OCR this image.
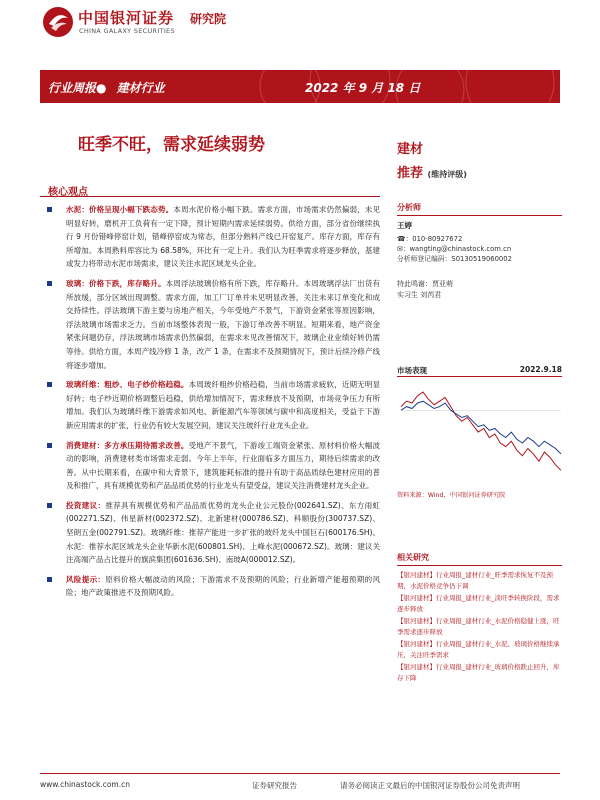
中国银河证券
CHINA GALAXY SECURITIES
研究院
行业周报● 建材行业	2022 年 9 月 18 日
旺季不旺，需求延续弱势	建材
推荐 (维持评级)
核心观点
水泥：价格呈现小幅下跌态势。本周水泥价格小幅下跌。需求方面，市场需求仍然偏弱，未见明显好转，磨机开工负荷有一定下降，预计短期内需求延续弱势。供给方面，部分省份继续执行 9 月份错峰停窑计划，错峰停窑成为常态，但部分熟料产线已开窑复产。库存方面，库存有所增加。本周熟料库容比为 68.58%，环比有一定上升。我们认为旺季需求将逐步释放，基建或发力将带动水泥市场需求，建议关注水泥区域龙头企业。
玻璃：价格下跌，库存略升。本周浮法玻璃价格有所下跌，库存略升。本周玻璃浮法厂出货有所放缓，部分区域出现调整。需求方面，加工厂订单并未见明显改善，关注未来订单变化和成交持续性。浮法玻璃下游主要与房地产相关，今年受地产不景气，下游资金紧张等原因影响，浮法玻璃市场需求乏力。当前市场整体表现一般，下游订单改善不明显。短期来看，地产资金紧张问题仍存，浮法玻璃市场需求仍然偏弱，在需求未见改善情况下，玻璃企业业绩好转仍需等待。供给方面，本周产线冷修 1 条，改产 1 条，在需求不及预期情况下，预计后续冷修产线将逐步增加。
玻璃纤维：粗纱、电子纱价格趋稳。本周玻纤粗纱价格趋稳，当前市场需求疲软，近期无明显好转；电子纱近期价格调整后趋稳，供给增加情况下，需求释放不及预期，市场竞争压力有所增加。我们认为玻璃纤维下游需求如风电、新能源汽车等领域与碳中和高度相关，受益于下游新应用需求的扩张，行业仍有较大发展空间，建议关注玻纤行业龙头企业。
消费建材：多方承压期待需求改善。受地产不景气，下游竣工端资金紧张、原材料价格大幅波动的影响，消费建材类市场需求走弱。今年上半年，行业面临多方面压力，期待后续需求的改善。从中长期来看，在碳中和大背景下，建筑能耗标准的提升有助于高品质绿色建材应用的普及和推广，具有规模优势和产品品质优势的行业龙头有望受益，建议关注消费建材龙头企业。
投资建议：推荐具有规模优势和产品品质优势的龙头企业公元股份(002641.SZ)、东方雨虹(002271.SZ)、伟星新材(002372.SZ)、北新建材(000786.SZ)、科顺股份(300737.SZ)、坚朗五金(002791.SZ)。玻璃纤维：推荐产能进一步扩张的玻纤龙头中国巨石(600176.SH)。水泥：推荐水泥区域龙头企业华新水泥(600801.SH)、上峰水泥(000672.SZ)。玻璃：建议关注高端产品占比提升的旗滨集团(601636.SH)、南玻A(000012.SZ)。
风险提示：原料价格大幅波动的风险；下游需求不及预期的风险；行业新增产能超预期的风险；地产政策推进不及预期风险。
分析师
王婷
☎：010-80927672
✉：wangting@chinastock.com.cn
分析师登记编码：S0130519060002
特此鸣谢：贾亚萌
实习生 刘芮君
市场表现	2022.9.18
资料来源：Wind，中国银河证券研究院
相关研究
【银河建材】行业周报_建材行业_旺季需求恢复不及预期，水泥价格竞争仍下调
【银河建材】行业周报_建材行业_淡旺季转换阶段，需求逐步释放
【银河建材】行业周报_建材行业_水泥价格稳健上涨，旺季需求逐步释放
【银河建材】行业周报_建材行业_水泥、玻璃价格继续承压，关注旺季需求
【银河建材】行业周报_建材行业_玻璃价格跌止回升，库存下降
www.chinastock.com.cn	证券研究报告	请务必阅读正文最后的中国银河证券股份公司免责声明
